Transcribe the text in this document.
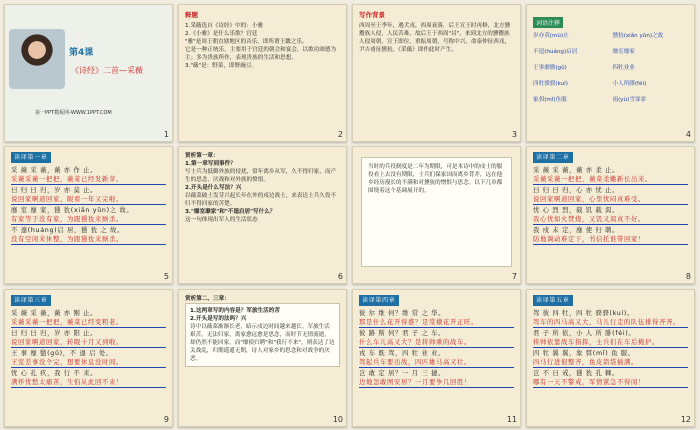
第4课
《诗经》二首—采薇
第一PPT模板网-WWW.1PPT.COM
1
释题
1.采薇选自《诗经》中的：小雅
2.《小雅》是什么乐歌？宫廷
"雅"是周王朝直辖地区的音乐，即所谓王畿之乐。
它是一种正统乐。主要用于宫廷的朝会和宴会，以歌功颂德为主；多为贵族所作，表现贵族的生活和思想。
3."薇"是：野菜，即野豌豆。
2
写作背景
西周至王季年，遇犬戎，西周衰落，后王宣王时再修，北方獯鬻族人侵，人民苦难，故后王于西周"昌"，来到北方的獯鬻族人侵周朝，宣王即位，重振周朝，号称中兴。命泰仲征西戎，尹吉甫征獯狁。《采薇》即作此时产生。
3
词语注释
岁亦莫(mù)止	獯狁(xiǎn yǔn)之故
不遑(huáng)启居	靡室靡家
王事靡盬(gǔ)	四牡业业
四牡骙骙(kuí)	小人所腓(féi)
象弭(mǐ)鱼服	雨(yù)雪霏霏
4
读译第一章
采 薇 采 薇，薇 亦 作 止。
采薇采薇一把把，薇菜已经发新芽。
曰 归 曰 归，岁 亦 莫 止。
说回家啊道回家，眼看一年又完啦。
靡 室 靡 家，獯 狁(xiǎn yǔn)之 故。
有家等于没有家，为跟獯狁来厮杀。
不 遑(huáng)启 居，獯 狁 之 故。
没有空闲来休整，为跟獯狁来厮杀。
5
赏析第一章：
1.第一章写到事件？
写士兵为抵御外族的侵扰，常年离乡从军，久不得归家，而产生的思念、厌战和对外族的愤恨。
2.开头是什么写法？兴
以薇菜破土发芽兴起长年在外的戍边战士，来表达士兵久役不归不得回家的苦楚。
3."靡室靡家"和"不遑启居"写什么？
这一句体现出军人的生活状态
6
当时的兵役制度是二年为期限，可是本诗中的戍士的服役看上去没有期限，士兵们保家国而离乡背井，远在他乡经历漫长的不满和对獯狁的憎恨与思念。以下几章都围绕着这个基调展开的。
7
读译第二章
采 薇 采 薇，薇 亦 柔 止。
采薇采薇一把把，薇菜柔嫩新长出来。
曰 归 曰 归，心 亦 忧 止。
说回家啊道回家，心里忧闷真难受。
忧 心 烈 烈，载 饥 载 渴。
我心忧如火焚烧，又饥又渴真不好。
我 戍 未 定，靡 使 归 聘。
防地调动难定下，书信托谁带回家！
8
读译第三章
采 薇 采 薇，薇 亦 刚 止。
采薇采薇一把把，薇菜已经变粗老。
曰 归 曰 归，岁 亦 阳 止。
说回家啊道回家，转眼十月又到啦。
王 事 靡 盬(gǔ)，不 遑 启 处。
王室差事没个完，想要休息没时间。
忧 心 孔 疚，我 行 不 来。
满怀忧愁太痛苦，生怕从此回不来！
9
赏析第二、三章：
1.这两章写的内容是？军旅生活的苦
2.开头是写的法吗？兴
诗中以薇菜渐渐长老，暗示戍边时间越来越长。军旅生活艰苦，无法归家，离家愈远愈是思念，而时节无情流逝，却仍然不能回家。而"靡使归聘"和"我行不来"，则表达了边关战乱，归期遥遥无期，诗人对家乡的思念和对战争的厌恶。
10
读译第四章
彼 尔 维 何？维 常 之 华。
那是什么花开得盛？是棠棣花开正旺。
彼 路 斯 何？君 子 之 车。
什么车儿高又大？是将帅乘的战车。
戎 车 既 驾，四 牡 业 业。
驾起兵车要出战，四匹雄马高又壮。
岂 敢 定 居？一 月 三 捷。
边地怎敢图安居？一月要争几回胜！
11
读译第五章
驾 彼 四 牡，四 牡 骙骙(kuí)。
驾车的四马高又大，马儿行走的队伍排得齐齐。
君 子 所 依，小 人 所 腓(féi)。
将帅依靠战车指挥，士兵们在车后掩护。
四 牡 翼 翼，象 弭(mǐ) 鱼 服。
四马行进很整齐，鱼皮箭袋插满。
岂 不 日 戒，獯 狁 孔 棘。
哪有一天不警戒，军情紧急不得闲！
12
